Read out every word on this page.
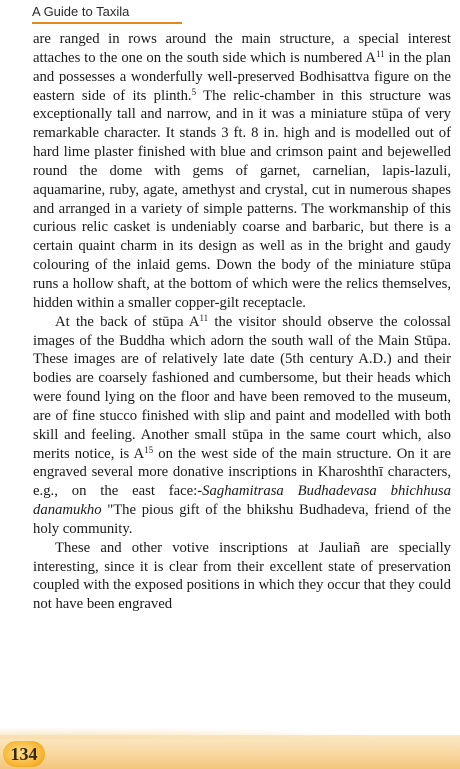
A Guide to Taxila

are ranged in rows around the main structure, a special interest attaches to the one on the south side which is numbered $A^{11}$ in the plan and possesses a wonderfully well-preserved Bodhisattva figure on the eastern side of its plinth.$^5$ The relic-chamber in this structure was exceptionally tall and narrow, and in it was a miniature stūpa of very remarkable character. It stands 3 ft. 8 in. high and is modelled out of hard lime plaster finished with blue and crimson paint and bejewelled round the dome with gems of garnet, carnelian, lapis-lazuli, aquamarine, ruby, agate, amethyst and crystal, cut in numerous shapes and arranged in a variety of simple patterns. The workmanship of this curious relic casket is undeniably coarse and barbaric, but there is a certain quaint charm in its design as well as in the bright and gaudy colouring of the inlaid gems. Down the body of the miniature stūpa runs a hollow shaft, at the bottom of which were the relics themselves, hidden within a smaller copper-gilt receptacle.

At the back of stūpa $A^{11}$ the visitor should observe the colossal images of the Buddha which adorn the south wall of the Main Stūpa. These images are of relatively late date (5th century A.D.) and their bodies are coarsely fashioned and cumbersome, but their heads which were found lying on the floor and have been removed to the museum, are of fine stucco finished with slip and paint and modelled with both skill and feeling. Another small stūpa in the same court which, also merits notice, is $A^{15}$ on the west side of the main structure. On it are engraved several more donative inscriptions in Kharoshthī characters, e.g., on the east face:-Saghamitrasa Budhadevasa bhichhusa danamukho "The pious gift of the bhikshu Budhadeva, friend of the holy community.

These and other votive inscriptions at Jauliañ are specially interesting, since it is clear from their excellent state of preservation coupled with the exposed positions in which they occur that they could not have been engraved

134
